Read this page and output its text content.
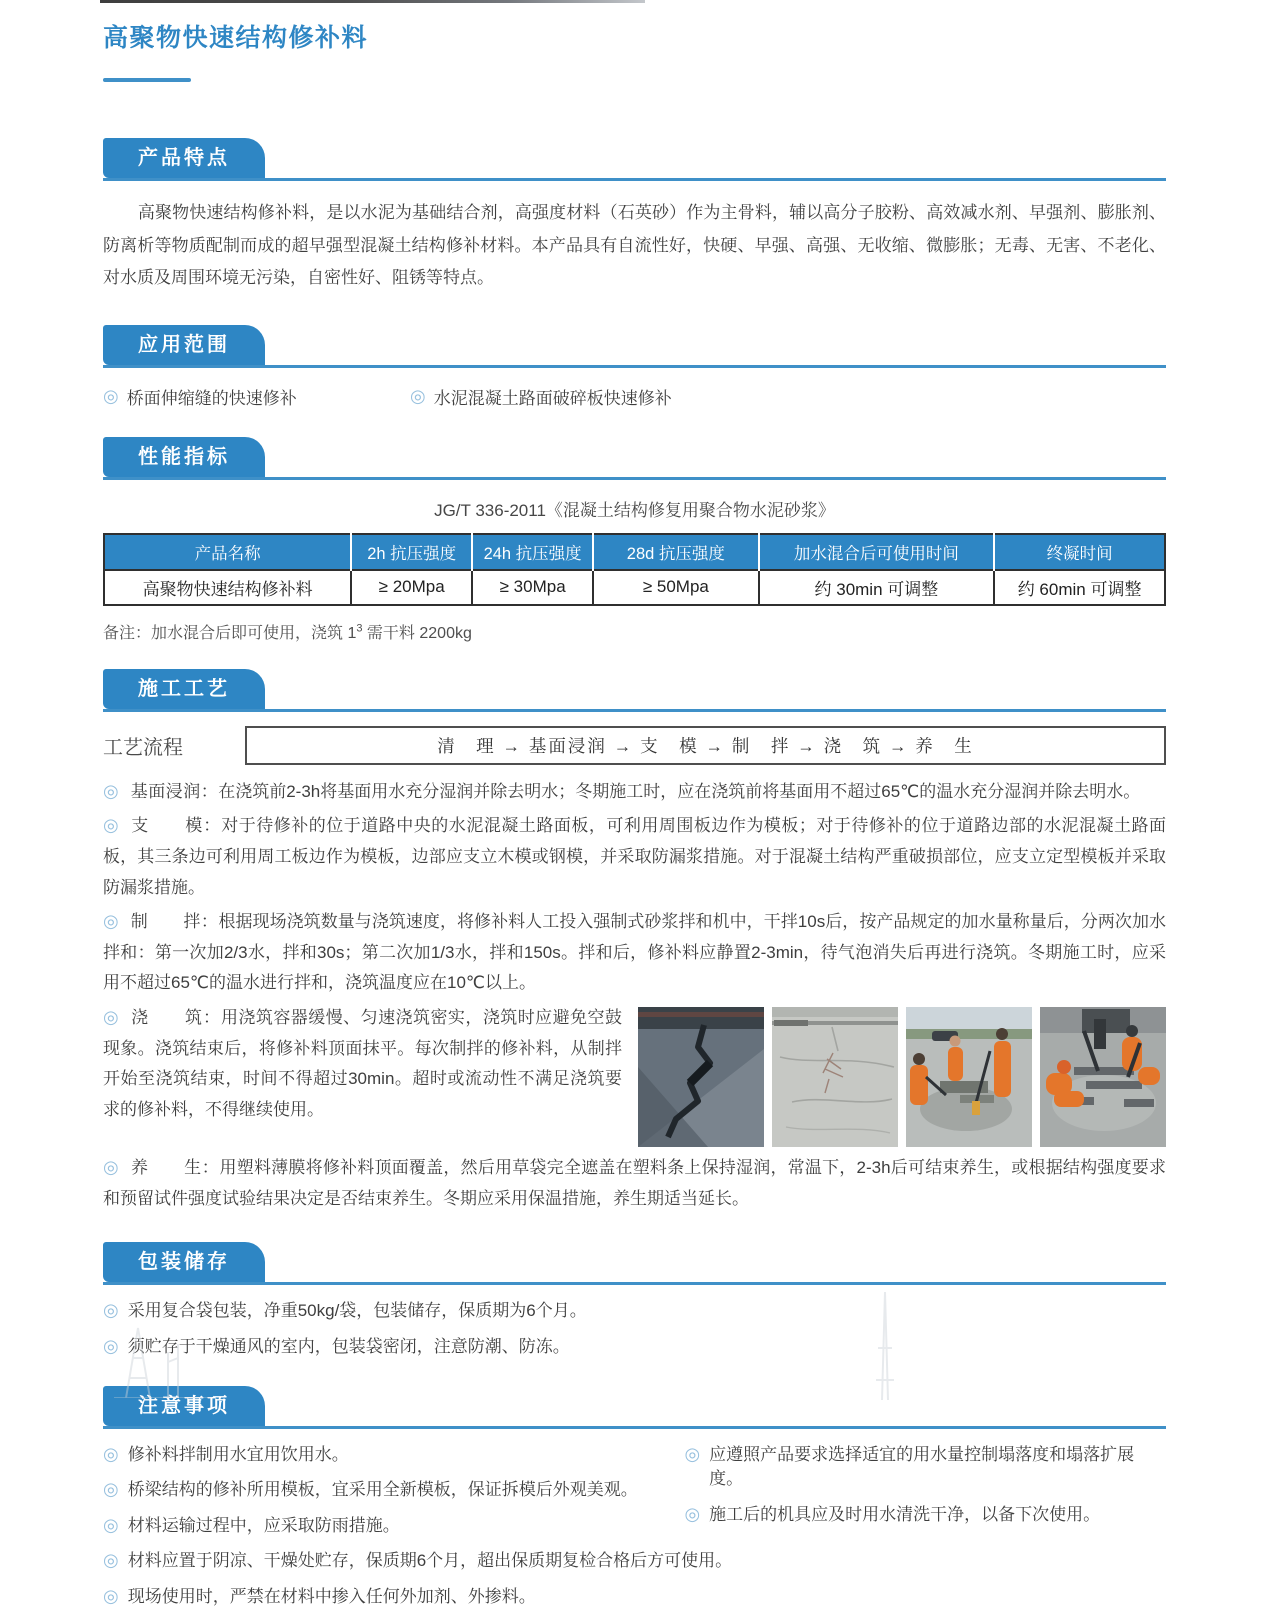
高聚物快速结构修补料
产品特点

高聚物快速结构修补料，是以水泥为基础结合剂，高强度材料（石英砂）作为主骨料，辅以高分子胶粉、高效减水剂、早强剂、膨胀剂、防离析等物质配制而成的超早强型混凝土结构修补材料。本产品具有自流性好，快硬、早强、高强、无收缩、微膨胀；无毒、无害、不老化、对水质及周围环境无污染，自密性好、阻锈等特点。

应用范围
◎ 桥面伸缩缝的快速修补	◎ 水泥混凝土路面破碎板快速修补
性能指标
JG/T 336-2011《混凝土结构修复用聚合物水泥砂浆》
产品名称	2h 抗压强度	24h 抗压强度	28d 抗压强度	加水混合后可使用时间	终凝时间
高聚物快速结构修补料	≥ 20Mpa	≥ 30Mpa	≥ 50Mpa	约 30min 可调整	约 60min 可调整
备注：加水混合后即可使用，浇筑 $1^3$ 需干料 2200kg
施工工艺
工艺流程	清　理 → 基面浸润 → 支　模 → 制　拌 → 浇　筑 → 养　生

◎ 基面浸润：在浇筑前2-3h将基面用水充分湿润并除去明水；冬期施工时，应在浇筑前将基面用不超过65℃的温水充分湿润并除去明水。

◎ 支　　模：对于待修补的位于道路中央的水泥混凝土路面板，可利用周围板边作为模板；对于待修补的位于道路边部的水泥混凝土路面板，其三条边可利用周工板边作为模板，边部应支立木模或钢模，并采取防漏浆措施。对于混凝土结构严重破损部位，应支立定型模板并采取防漏浆措施。

◎ 制　　拌：根据现场浇筑数量与浇筑速度，将修补料人工投入强制式砂浆拌和机中，干拌10s后，按产品规定的加水量称量后，分两次加水拌和：第一次加2/3水，拌和30s；第二次加1/3水，拌和150s。拌和后，修补料应静置2-3min，待气泡消失后再进行浇筑。冬期施工时，应采用不超过65℃的温水进行拌和，浇筑温度应在10℃以上。

◎ 浇　　筑：用浇筑容器缓慢、匀速浇筑密实，浇筑时应避免空鼓现象。浇筑结束后，将修补料顶面抹平。每次制拌的修补料，从制拌开始至浇筑结束，时间不得超过30min。超时或流动性不满足浇筑要求的修补料，不得继续使用。

◎ 养　　生：用塑料薄膜将修补料顶面覆盖，然后用草袋完全遮盖在塑料条上保持湿润，常温下，2-3h后可结束养生，或根据结构强度要求和预留试件强度试验结果决定是否结束养生。冬期应采用保温措施，养生期适当延长。

包装储存
◎ 采用复合袋包装，净重50kg/袋，包装储存，保质期为6个月。
◎ 须贮存于干燥通风的室内，包装袋密闭，注意防潮、防冻。
注意事项
◎ 修补料拌制用水宜用饮用水。
◎ 桥梁结构的修补所用模板，宜采用全新模板，保证拆模后外观美观。
◎ 材料运输过程中，应采取防雨措施。
◎ 应遵照产品要求选择适宜的用水量控制塌落度和塌落扩展度。
◎ 施工后的机具应及时用水清洗干净，以备下次使用。
◎ 材料应置于阴凉、干燥处贮存，保质期6个月，超出保质期复检合格后方可使用。
◎ 现场使用时，严禁在材料中掺入任何外加剂、外掺料。
